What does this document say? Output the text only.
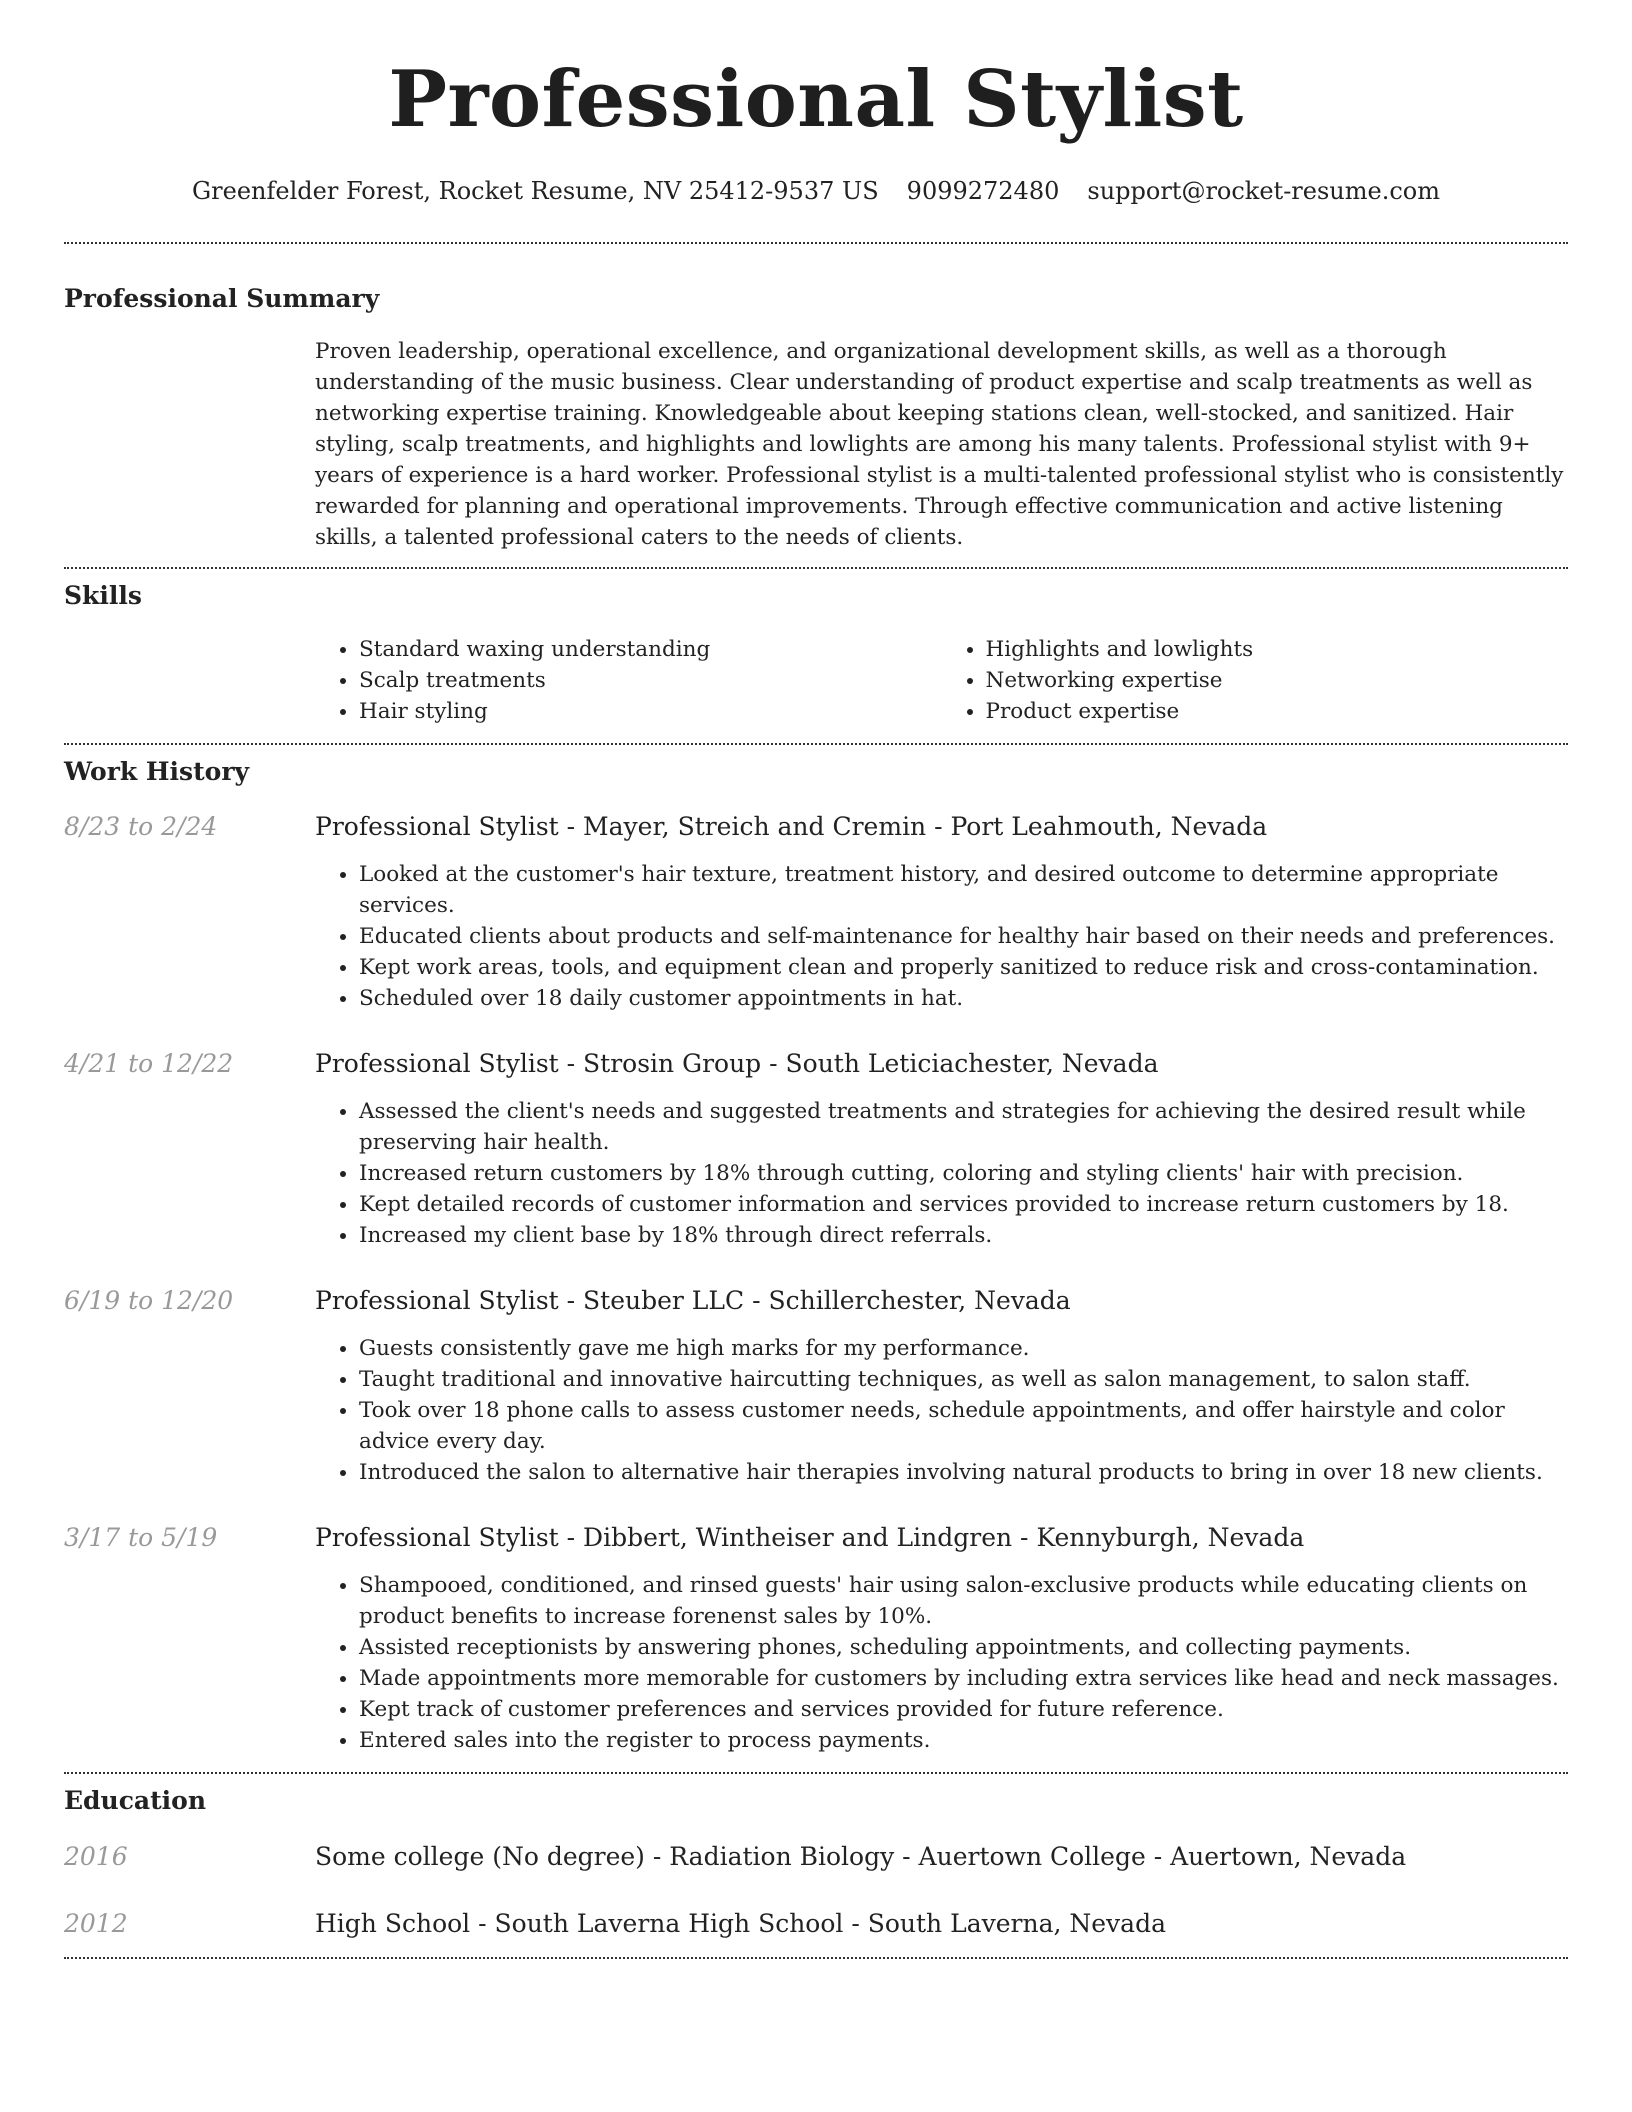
Professional Stylist
Greenfelder Forest, Rocket Resume, NV 25412-9537 US 9099272480 support@rocket-resume.com
Professional Summary

Proven leadership, operational excellence, and organizational development skills, as well as a thorough understanding of the music business. Clear understanding of product expertise and scalp treatments as well as networking expertise training. Knowledgeable about keeping stations clean, well-stocked, and sanitized. Hair styling, scalp treatments, and highlights and lowlights are among his many talents. Professional stylist with 9+ years of experience is a hard worker. Professional stylist is a multi-talented professional stylist who is consistently rewarded for planning and operational improvements. Through effective communication and active listening skills, a talented professional caters to the needs of clients.

Skills
• Standard waxing understanding
• Scalp treatments
• Hair styling
• Highlights and lowlights
• Networking expertise
• Product expertise
Work History
8/23 to 2/24	Professional Stylist - Mayer, Streich and Cremin - Port Leahmouth, Nevada
• Looked at the customer's hair texture, treatment history, and desired outcome to determine appropriate services.
• Educated clients about products and self-maintenance for healthy hair based on their needs and preferences.
• Kept work areas, tools, and equipment clean and properly sanitized to reduce risk and cross-contamination.
• Scheduled over 18 daily customer appointments in hat.
4/21 to 12/22	Professional Stylist - Strosin Group - South Leticiachester, Nevada
• Assessed the client's needs and suggested treatments and strategies for achieving the desired result while preserving hair health.
• Increased return customers by 18% through cutting, coloring and styling clients' hair with precision.
• Kept detailed records of customer information and services provided to increase return customers by 18.
• Increased my client base by 18% through direct referrals.
6/19 to 12/20	Professional Stylist - Steuber LLC - Schillerchester, Nevada
• Guests consistently gave me high marks for my performance.
• Taught traditional and innovative haircutting techniques, as well as salon management, to salon staff.
• Took over 18 phone calls to assess customer needs, schedule appointments, and offer hairstyle and color advice every day.
• Introduced the salon to alternative hair therapies involving natural products to bring in over 18 new clients.
3/17 to 5/19	Professional Stylist - Dibbert, Wintheiser and Lindgren - Kennyburgh, Nevada
• Shampooed, conditioned, and rinsed guests' hair using salon-exclusive products while educating clients on product benefits to increase forenenst sales by 10%.
• Assisted receptionists by answering phones, scheduling appointments, and collecting payments.
• Made appointments more memorable for customers by including extra services like head and neck massages.
• Kept track of customer preferences and services provided for future reference.
• Entered sales into the register to process payments.
Education
2016	Some college (No degree) - Radiation Biology - Auertown College - Auertown, Nevada
2012	High School - South Laverna High School - South Laverna, Nevada
